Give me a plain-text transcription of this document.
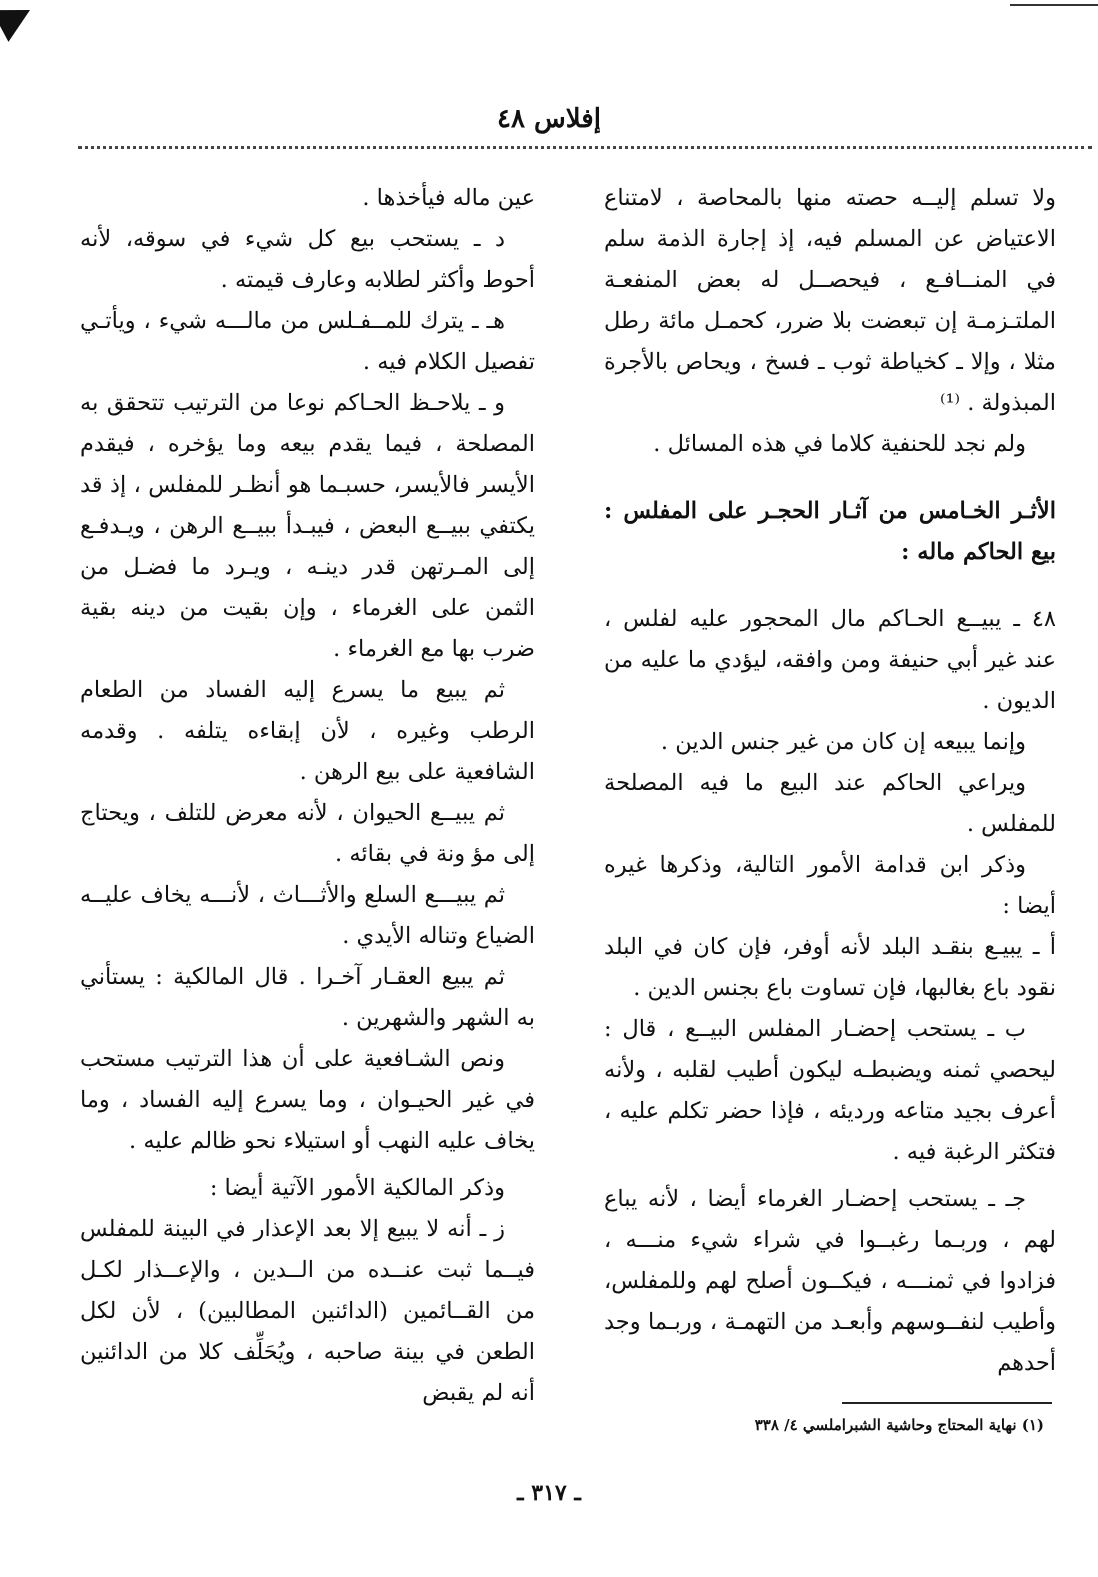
إفلاس ٤٨

ولا تسلم إليــه حصته منها بالمحاصة ، لامتناع الاعتياض عن المسلم فيه، إذ إجارة الذمة سلم في المنــافـع ، فيحصــل له بعض المنفعـة الملتـزمـة إن تبعضت بلا ضرر، كحمـل مائة رطل مثلا ، وإلا ـ كخياطة ثوب ـ فسخ ، ويحاص بالأجرة المبذولة . ⁽¹⁾

ولم نجد للحنفية كلاما في هذه المسائل .

الأثـر الخـامس من آثـار الحجـر على المفلس : بيع الحاكم ماله :

٤٨ ـ يبيــع الحـاكم مال المحجور عليه لفلس ، عند غير أبي حنيفة ومن وافقه، ليؤدي ما عليه من الديون .

وإنما يبيعه إن كان من غير جنس الدين .

ويراعي الحاكم عند البيع ما فيه المصلحة للمفلس .

وذكر ابن قدامة الأمور التالية، وذكرها غيره أيضا :

أ ـ يبيـع بنقـد البلد لأنه أوفر، فإن كان في البلد نقود باع بغالبها، فإن تساوت باع بجنس الدين .

ب ـ يستحب إحضـار المفلس البيــع ، قال : ليحصي ثمنه ويضبطـه ليكون أطيب لقلبه ، ولأنه أعرف بجيد متاعه ورديئه ، فإذا حضر تكلم عليه ، فتكثر الرغبة فيه .

جـ ـ يستحب إحضـار الغرماء أيضا ، لأنه يباع لهم ، وربـما رغبــوا في شراء شيء منـــه ، فزادوا في ثمنـــه ، فيكــون أصلح لهم وللمفلس، وأطيب لنفــوسهم وأبعـد من التهمـة ، وربـما وجد أحدهم

عين ماله فيأخذها .

د ـ يستحب بيع كل شيء في سوقه، لأنه أحوط وأكثر لطلابه وعارف قيمته .

هـ ـ يترك للمــفـلس من مالـــه شيء ، ويأتـي تفصيل الكلام فيه .

و ـ يلاحـظ الحـاكم نوعا من الترتيب تتحقق به المصلحة ، فيما يقدم بيعه وما يؤخره ، فيقدم الأيسر فالأيسر، حسبـما هو أنظـر للمفلس ، إذ قد يكتفي ببيــع البعض ، فيبـدأ ببيــع الرهن ، ويـدفـع إلى المـرتهن قدر دينـه ، ويـرد ما فضـل من الثمن على الغرماء ، وإن بقيت من دينه بقية ضرب بها مع الغرماء .

ثم يبيع ما يسرع إليه الفساد من الطعام الرطب وغيره ، لأن إبقاءه يتلفه . وقدمه الشافعية على بيع الرهن .

ثم يبيــع الحيوان ، لأنه معرض للتلف ، ويحتاج إلى مؤ ونة في بقائه .

ثم يبيـــع السلع والأثـــاث ، لأنـــه يخاف عليــه الضياع وتناله الأيدي .

ثم يبيع العقـار آخـرا . قال المالكية : يستأني به الشهر والشهرين .

ونص الشـافعية على أن هذا الترتيب مستحب في غير الحيـوان ، وما يسرع إليه الفساد ، وما يخاف عليه النهب أو استيلاء نحو ظالم عليه .

وذكر المالكية الأمور الآتية أيضا :

ز ـ أنه لا يبيع إلا بعد الإعذار في البينة للمفلس فيــما ثبت عنــده من الــدين ، والإعــذار لكـل من القــائمين (الدائنين المطالبين) ، لأن لكل الطعن في بينة صاحبه ، ويُحَلِّف كلا من الدائنين أنه لم يقبض

(١) نهاية المحتاج وحاشية الشبراملسي ٤/ ٣٣٨
ـ ٣١٧ ـ
